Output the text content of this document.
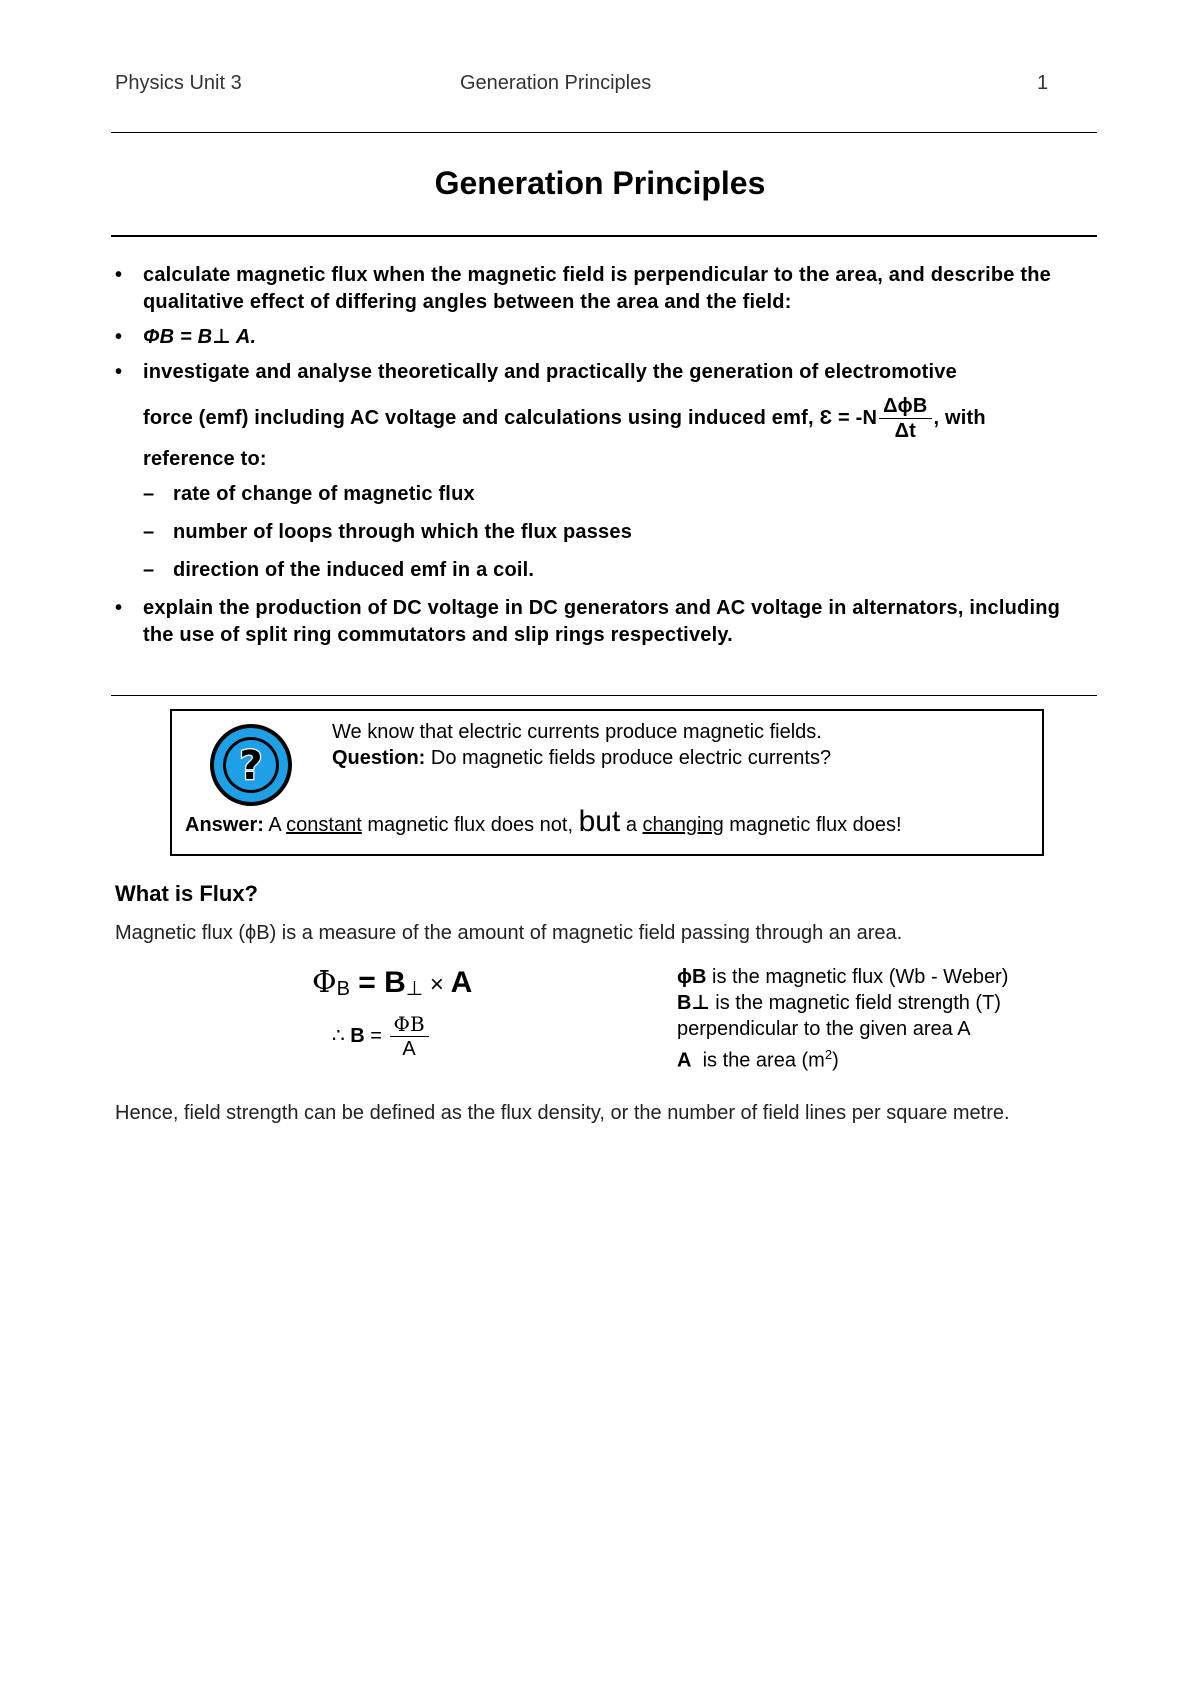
Physics Unit 3	Generation Principles	1
Generation Principles
• calculate magnetic flux when the magnetic field is perpendicular to the area, and describe the qualitative effect of differing angles between the area and the field:
• ΦB = B⊥ A.
• investigate and analyse theoretically and practically the generation of electromotive
force (emf) including AC voltage and calculations using induced emf, Ɛ = $-N \frac{\text{ΔϕB}}{\Delta t}$ , with
reference to:
– rate of change of magnetic flux
– number of loops through which the flux passes
– direction of the induced emf in a coil.
• explain the production of DC voltage in DC generators and AC voltage in alternators, including the use of split ring commutators and slip rings respectively.
?
We know that electric currents produce magnetic fields.
Question: Do magnetic fields produce electric currents?
Answer: A constant magnetic flux does not, but a changing magnetic flux does!
What is Flux?
Magnetic flux (ϕB) is a measure of the amount of magnetic field passing through an area.
ΦB = B⊥ × A
∴ $B = \frac{\Phi B}{A}$
ϕB is the magnetic flux (Wb - Weber)
B⊥ is the magnetic field strength (T)
perpendicular to the given area A
A  is the area $(m^2)$
Hence, field strength can be defined as the flux density, or the number of field lines per square metre.
